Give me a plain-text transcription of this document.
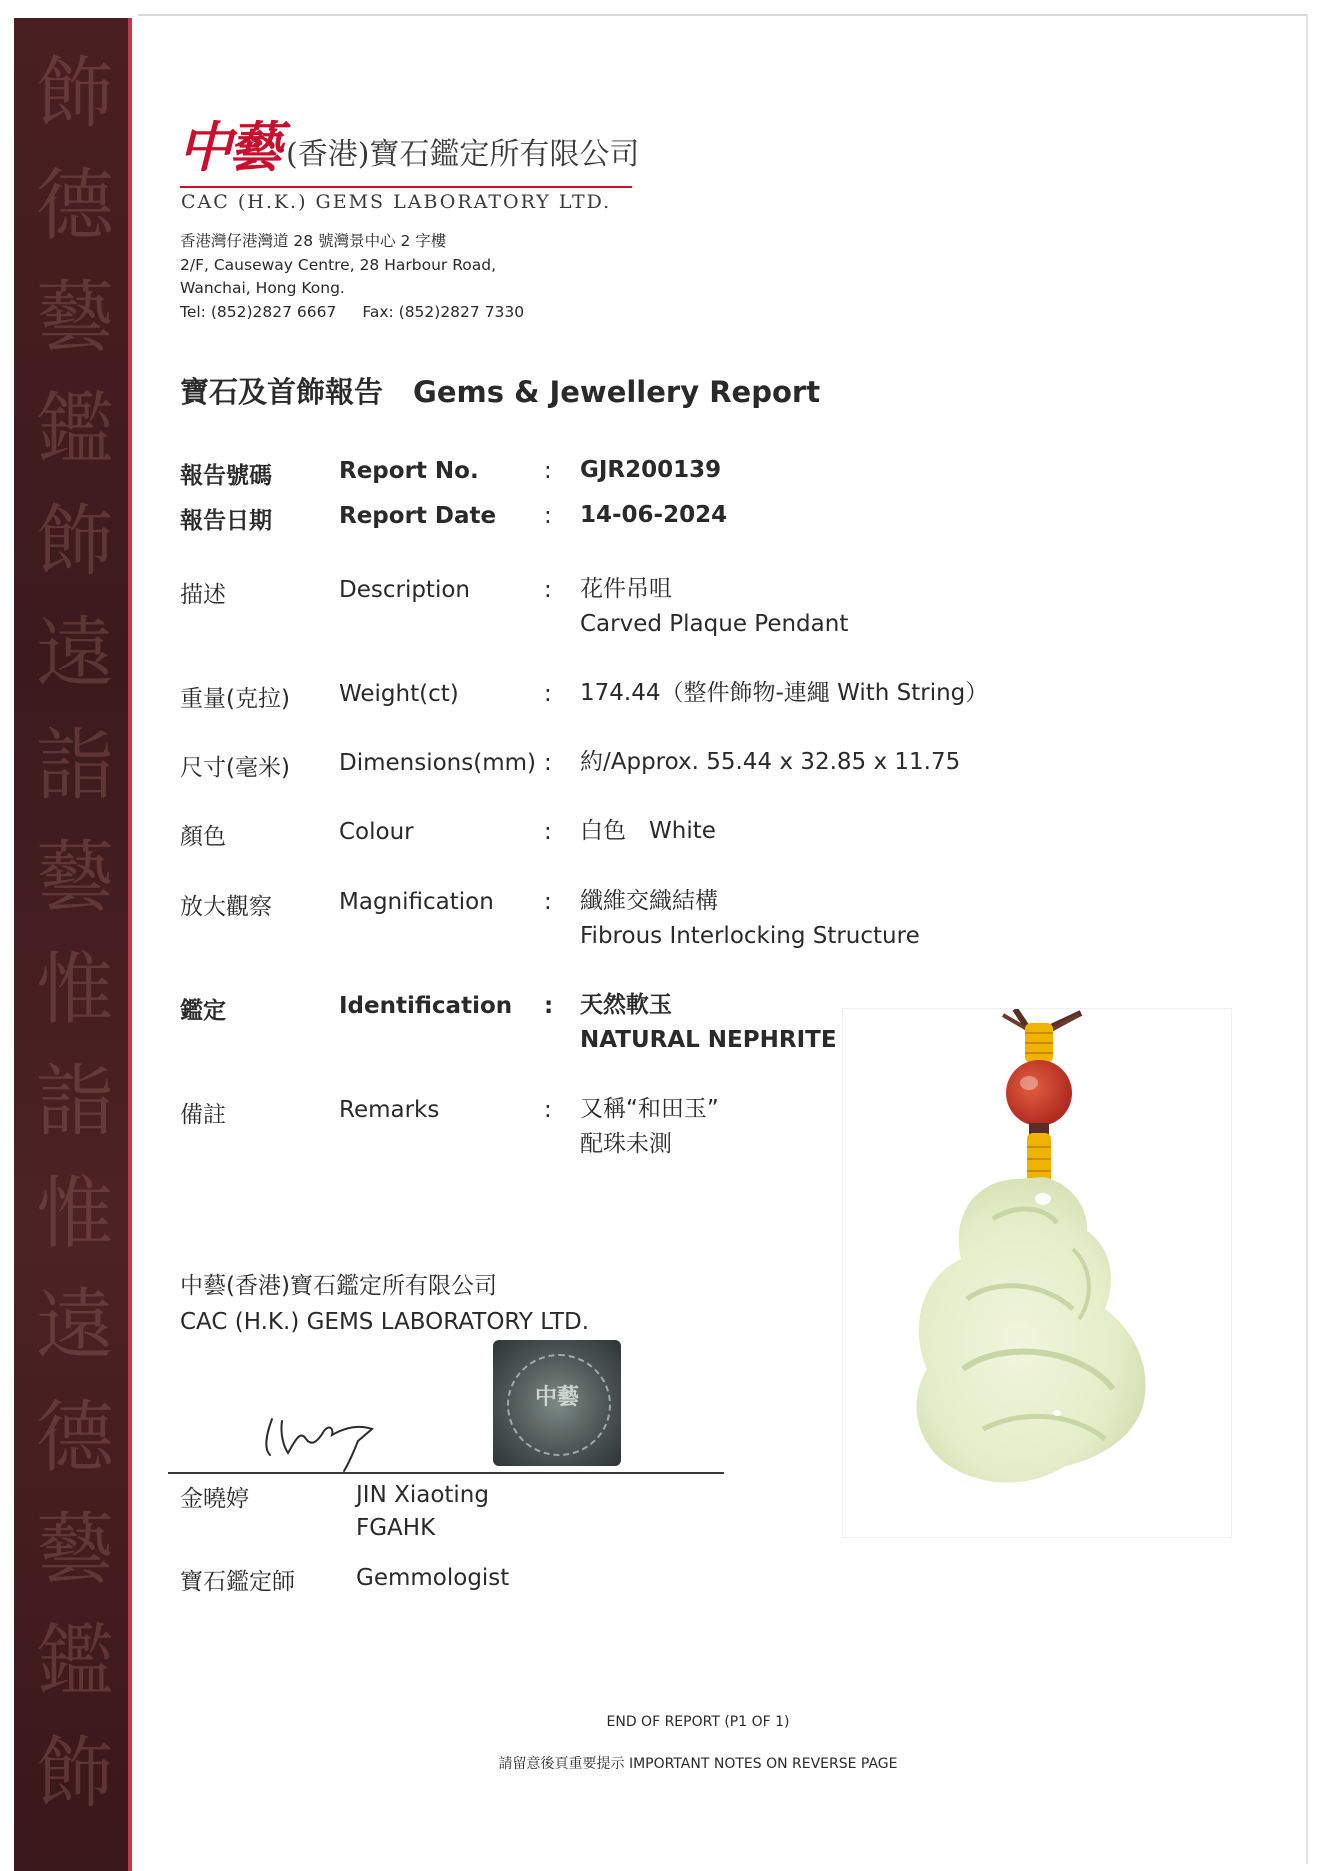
飾德藝鑑飾遠詣藝惟詣惟遠德藝鑑飾
中藝 (香港)寶石鑑定所有限公司
CAC (H.K.) GEMS LABORATORY LTD.
香港灣仔港灣道 28 號灣景中心 2 字樓
2/F, Causeway Centre, 28 Harbour Road,
Wanchai, Hong Kong.
Tel: (852)2827 6667 Fax: (852)2827 7330
寶石及首飾報告 Gems & Jewellery Report
報告號碼	Report No.	: GJR200139
報告日期	Report Date : 14-06-2024
描述	Description	: 花件吊咀
Carved Plaque Pendant
重量(克拉) Weight(ct)	: 174.44（整件飾物-連繩 With String）
尺寸(毫米) Dimensions(mm) : 約/Approx. 55.44 x 32.85 x 11.75
顏色	Colour	: 白色　White
放大觀察	Magnification : 纖維交織結構
Fibrous Interlocking Structure
鑑定	Identification : 天然軟玉
NATURAL NEPHRITE
備註	Remarks	: 又稱“和田玉”
配珠未測
中藝(香港)寶石鑑定所有限公司
CAC (H.K.) GEMS LABORATORY LTD.
中藝
金曉婷	JIN Xiaoting
FGAHK
寶石鑑定師	Gemmologist
END OF REPORT (P1 OF 1)
請留意後頁重要提示 IMPORTANT NOTES ON REVERSE PAGE
